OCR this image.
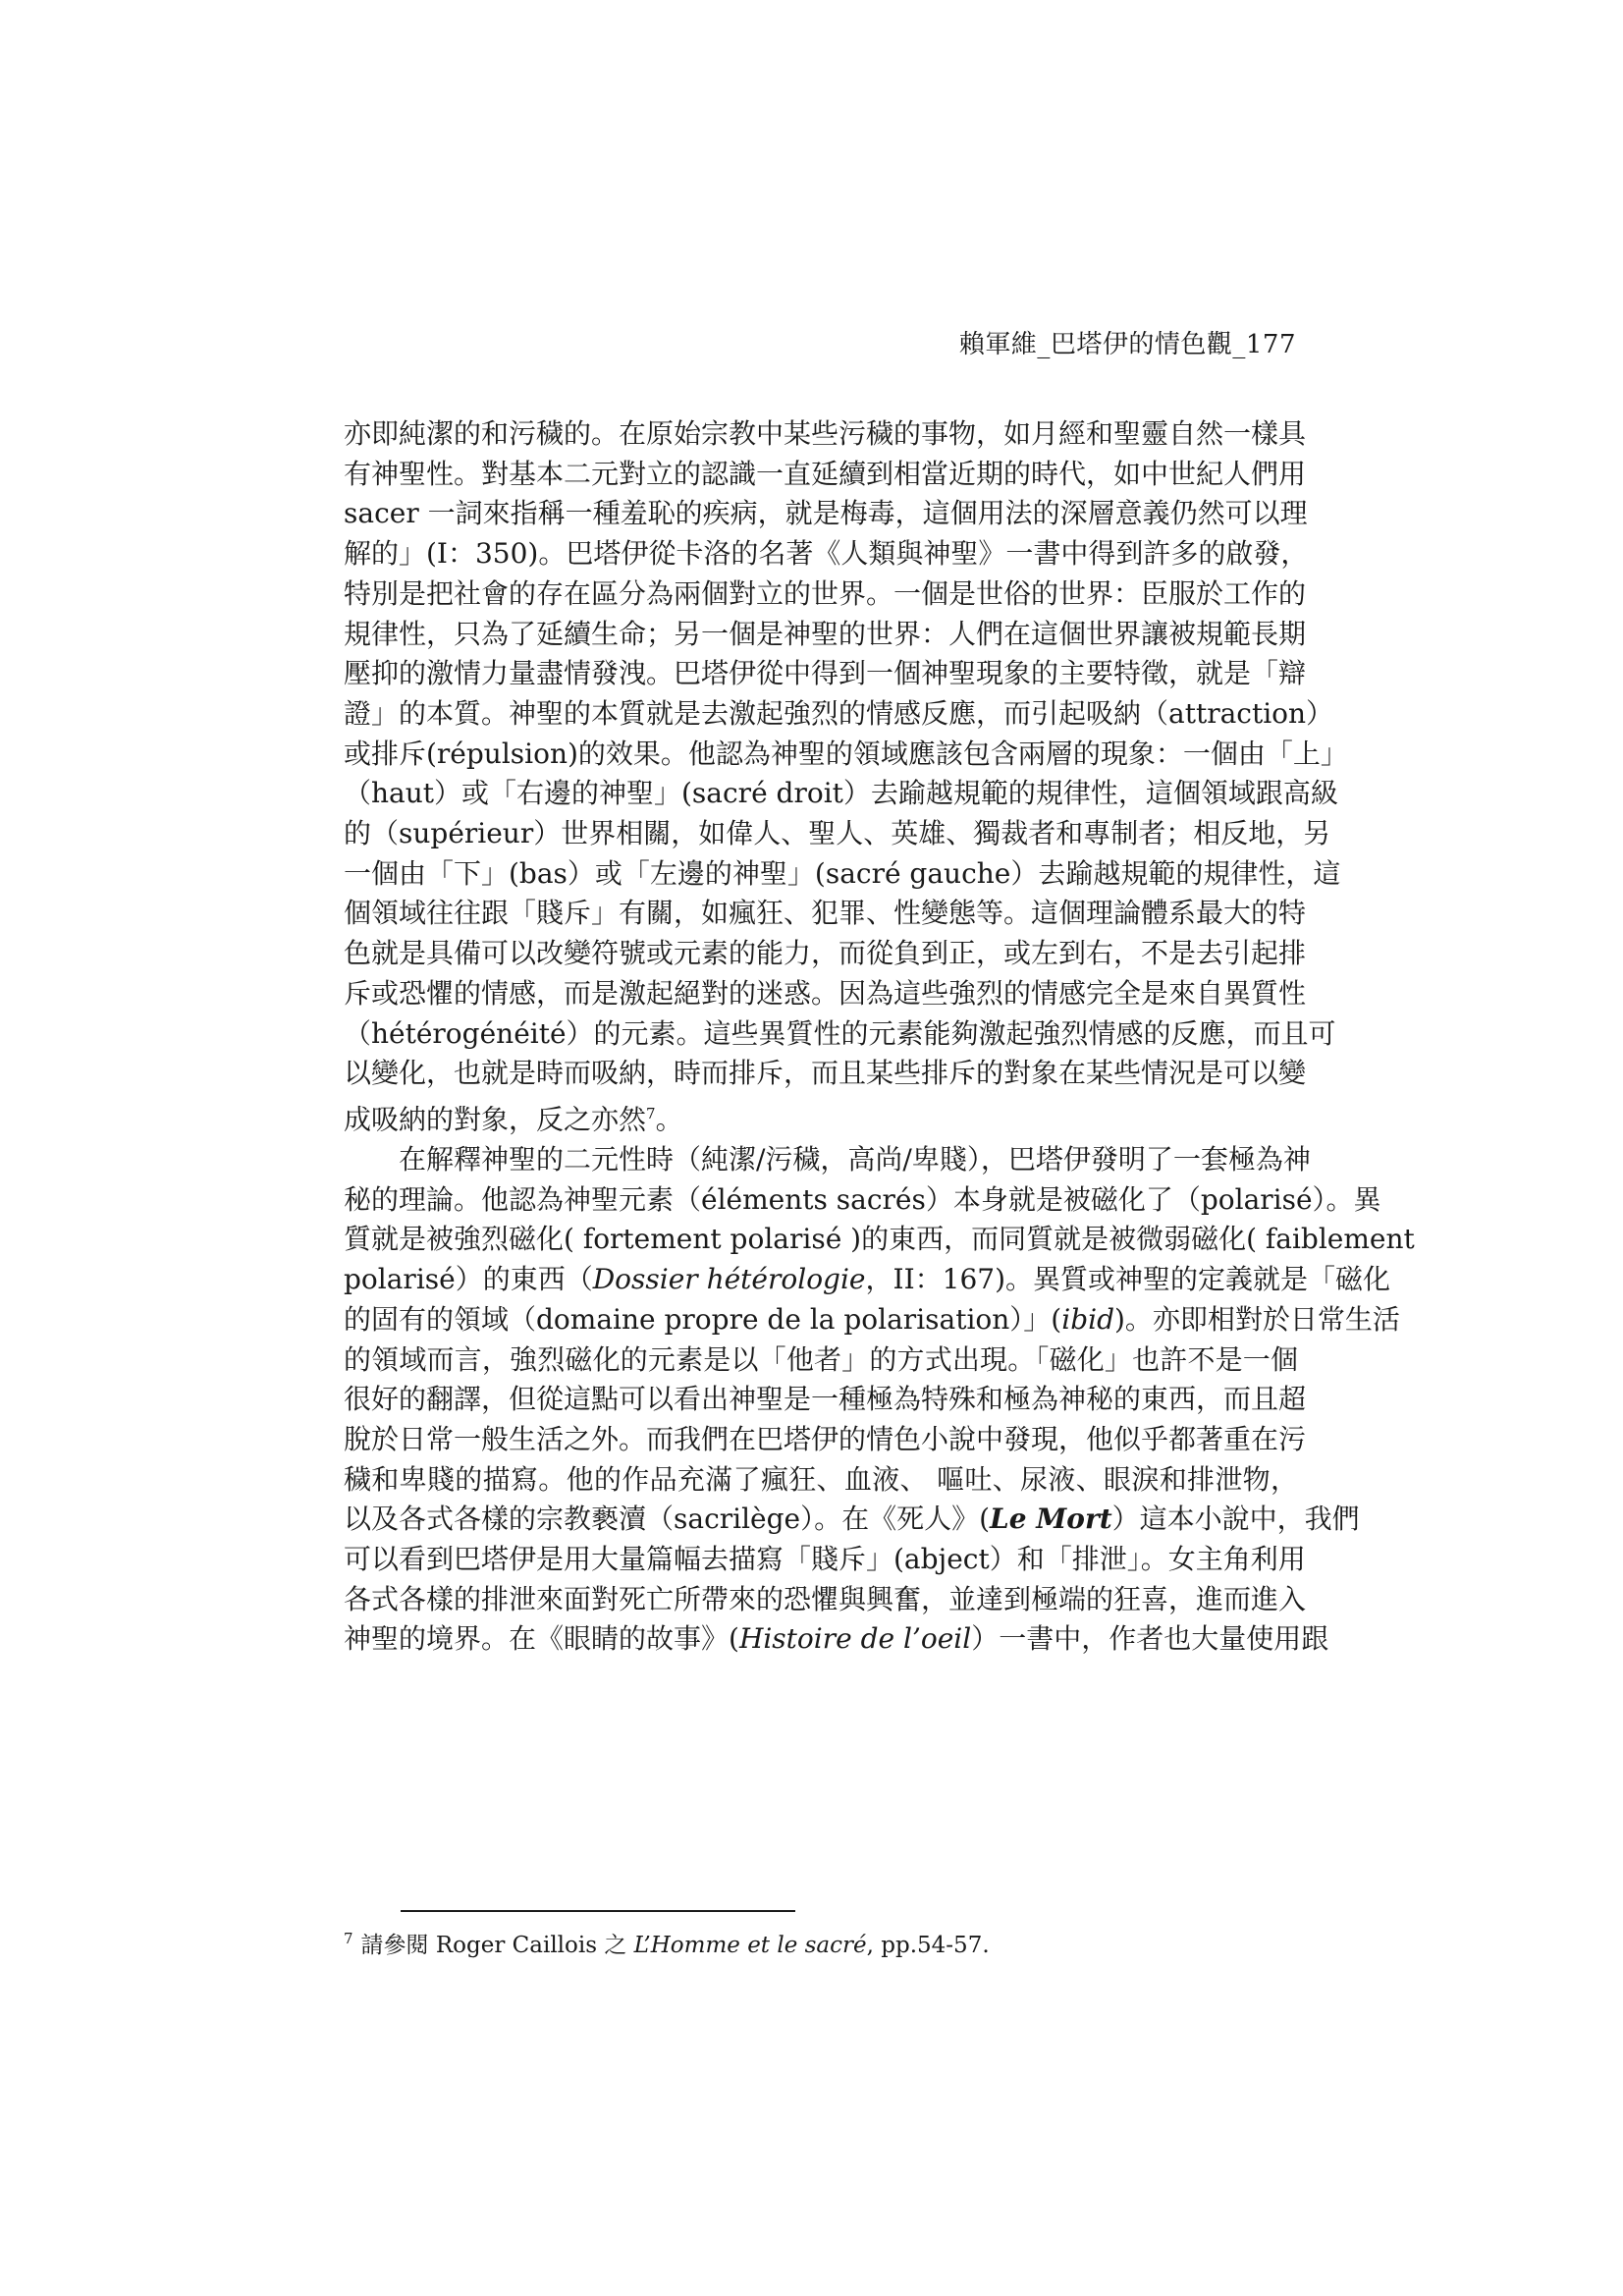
賴軍維_巴塔伊的情色觀_177
亦即純潔的和污穢的。在原始宗教中某些污穢的事物，如月經和聖靈自然一樣具
有神聖性。對基本二元對立的認識一直延續到相當近期的時代，如中世紀人們用
sacer 一詞來指稱一種羞恥的疾病，就是梅毒，這個用法的深層意義仍然可以理
解的」(I：350)。巴塔伊從卡洛的名著《人類與神聖》一書中得到許多的啟發，
特別是把社會的存在區分為兩個對立的世界。一個是世俗的世界：臣服於工作的
規律性，只為了延續生命；另一個是神聖的世界：人們在這個世界讓被規範長期
壓抑的激情力量盡情發洩。巴塔伊從中得到一個神聖現象的主要特徵，就是「辯
證」的本質。神聖的本質就是去激起強烈的情感反應，而引起吸納（attraction）
或排斥(répulsion)的效果。他認為神聖的領域應該包含兩層的現象：一個由「上」
（haut）或「右邊的神聖」(sacré droit）去踰越規範的規律性，這個領域跟高級
的（supérieur）世界相關，如偉人、聖人、英雄、獨裁者和專制者；相反地，另
一個由「下」(bas）或「左邊的神聖」(sacré gauche）去踰越規範的規律性，這
個領域往往跟「賤斥」有關，如瘋狂、犯罪、性變態等。這個理論體系最大的特
色就是具備可以改變符號或元素的能力，而從負到正，或左到右，不是去引起排
斥或恐懼的情感，而是激起絕對的迷惑。因為這些強烈的情感完全是來自異質性
（hétérogénéité）的元素。這些異質性的元素能夠激起強烈情感的反應，而且可
以變化，也就是時而吸納，時而排斥，而且某些排斥的對象在某些情況是可以變
成吸納的對象，反之亦然$^7$。
在解釋神聖的二元性時（純潔/污穢，高尚/卑賤），巴塔伊發明了一套極為神
秘的理論。他認為神聖元素（éléments sacrés）本身就是被磁化了（polarisé）。異
質就是被強烈磁化( fortement polarisé )的東西，而同質就是被微弱磁化( faiblement
polarisé）的東西（Dossier hétérologie，II：167)。異質或神聖的定義就是「磁化
的固有的領域（domaine propre de la polarisation）」(ibid)。亦即相對於日常生活
的領域而言，強烈磁化的元素是以「他者」的方式出現。「磁化」也許不是一個
很好的翻譯，但從這點可以看出神聖是一種極為特殊和極為神秘的東西，而且超
脫於日常一般生活之外。而我們在巴塔伊的情色小說中發現，他似乎都著重在污
穢和卑賤的描寫。他的作品充滿了瘋狂、血液、 嘔吐、尿液、眼淚和排泄物，
以及各式各樣的宗教褻瀆（sacrilège）。在《死人》(Le Mort）這本小說中，我們
可以看到巴塔伊是用大量篇幅去描寫「賤斥」(abject）和「排泄」。女主角利用
各式各樣的排泄來面對死亡所帶來的恐懼與興奮，並達到極端的狂喜，進而進入
神聖的境界。在《眼睛的故事》(Histoire de l’oeil）一書中，作者也大量使用跟
$^7$ 請參閱 Roger Caillois 之 L’Homme et le sacré, pp.54-57.
